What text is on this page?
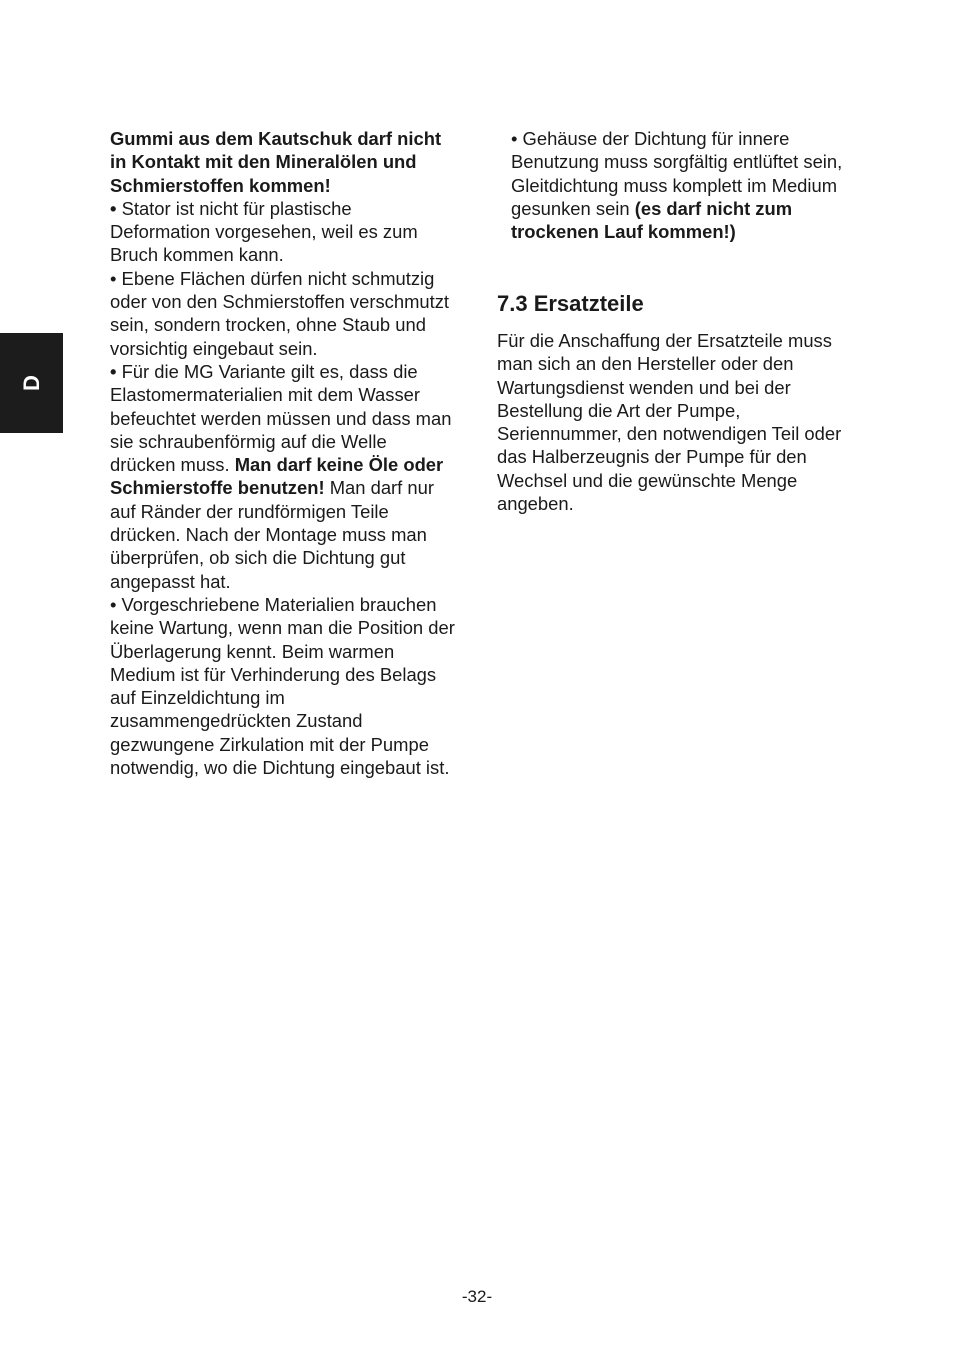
D

Gummi aus dem Kautschuk darf nicht in Kontakt mit den Mineralölen und Schmierstoffen kommen!

• Stator ist nicht für plastische Deformation vorgesehen, weil es zum Bruch kommen kann.

• Ebene Flächen dürfen nicht schmutzig oder von den Schmierstoffen verschmutzt sein, sondern trocken, ohne Staub und vorsichtig eingebaut sein.

• Für die MG Variante gilt es, dass die Elastomermaterialien mit dem Wasser befeuchtet werden müssen und dass man sie schraubenförmig auf die Welle drücken muss. Man darf keine Öle oder Schmierstoffe benutzen! Man darf nur auf Ränder der rundförmigen Teile drücken. Nach der Montage muss man überprüfen, ob sich die Dichtung gut angepasst hat.

• Vorgeschriebene Materialien brauchen keine Wartung, wenn man die Position der Überlagerung kennt. Beim warmen Medium ist für Verhinderung des Belags auf Einzeldichtung im zusammengedrückten Zustand gezwungene Zirkulation mit der Pumpe notwendig, wo die Dichtung eingebaut ist.

• Gehäuse der Dichtung für innere Benutzung muss sorgfältig entlüftet sein, Gleitdichtung muss komplett im Medium gesunken sein (es darf nicht zum trockenen Lauf kommen!)

7.3 Ersatzteile

Für die Anschaffung der Ersatzteile muss man sich an den Hersteller oder den Wartungsdienst wenden und bei der Bestellung die Art der Pumpe, Seriennummer, den notwendigen Teil oder das Halberzeugnis der Pumpe für den Wechsel und die gewünschte Menge angeben.

-32-
